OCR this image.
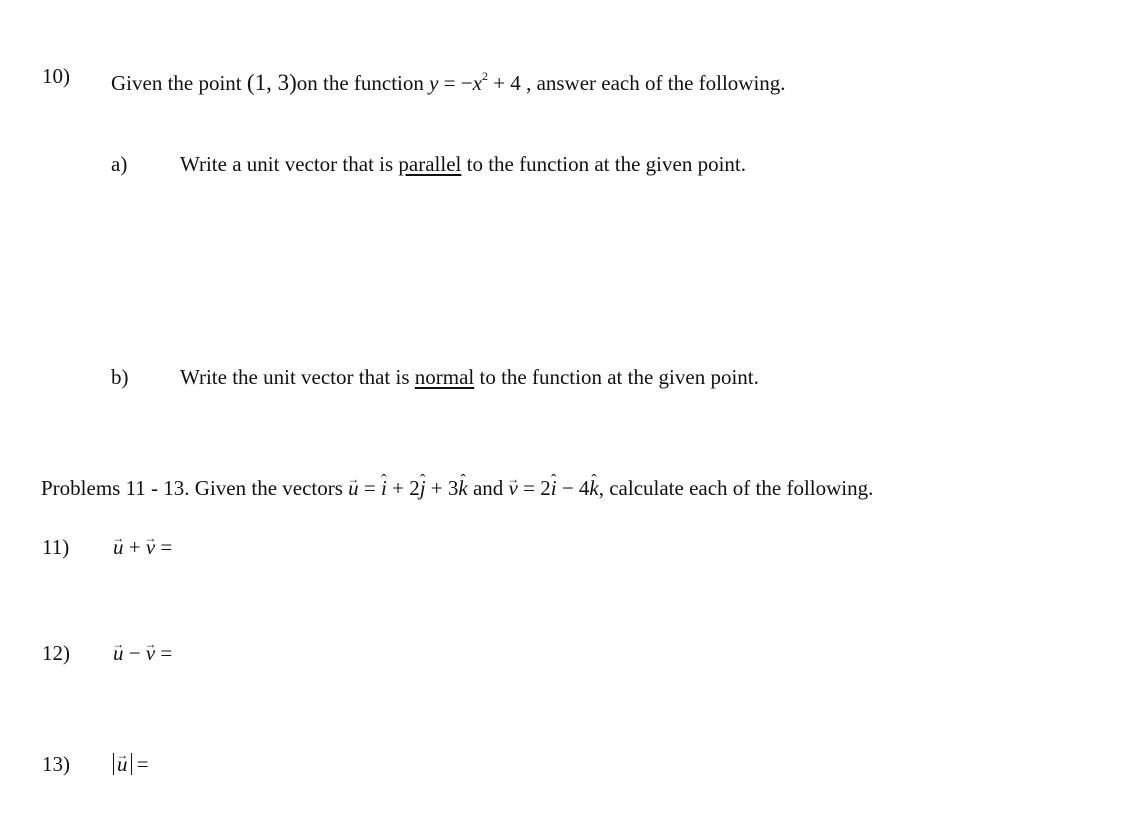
10) Given the point (1, 3)on the function $y = -x^2 + 4$ , answer each of the following.
a)	Write a unit vector that is parallel to the function at the given point.
b) Write the unit vector that is normal to the function at the given point.
Problems 11 - 13. Given the vectors → u = ˆ i + 2ˆ j + 3ˆ k and → v = 2ˆ i − 4ˆ k, calculate each of the following.
11) → u + → v =
12) → u − → v =
13) → u =
